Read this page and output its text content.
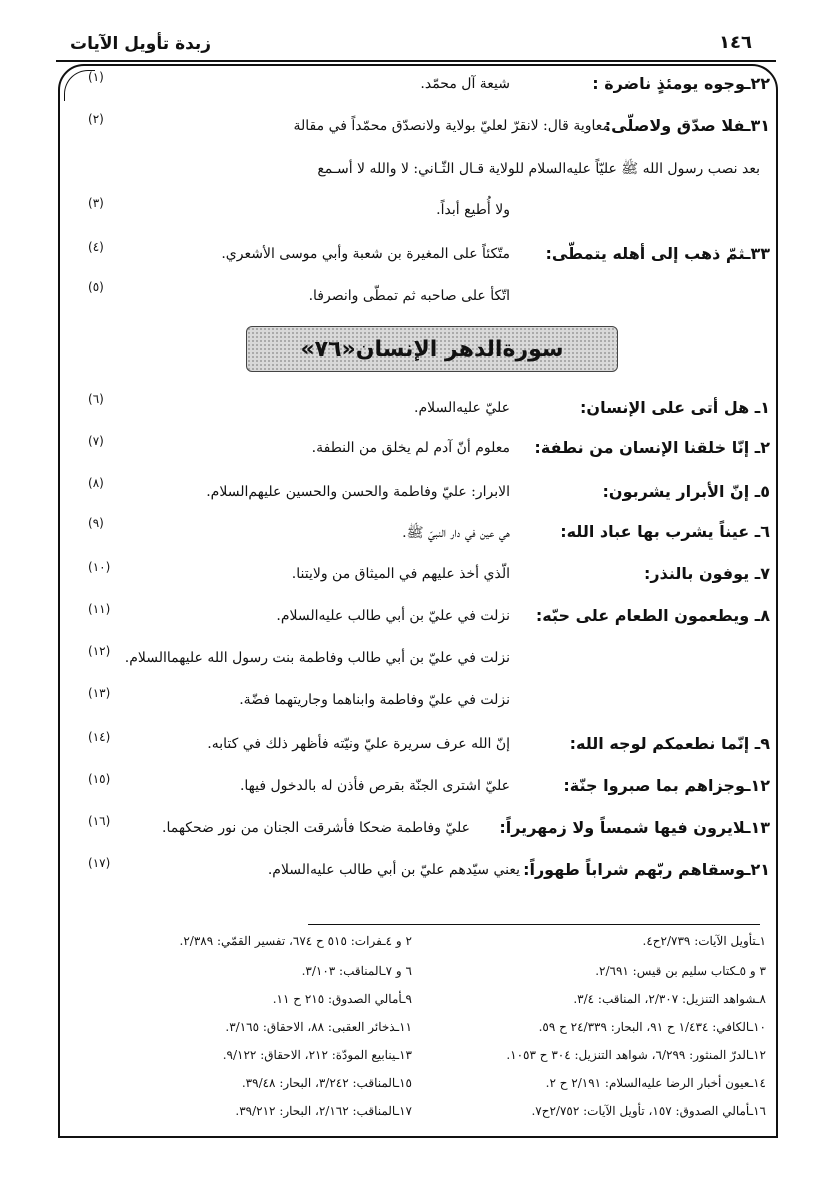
زبدة تأويل الآيات	١٤٦
٢٢ـوجوه يومئذٍ ناضرة :
شيعة آل محمّد.
(١)
٣١ـفلا صدّق ولاصلّى:
معاوية قال: لانقرّ لعليّ بولاية ولانصدّق محمّداً في مقالة
(٢)
بعد نصب رسول الله ﷺ عليّاً عليه‌السلام للولاية قـال الثّـاني: لا والله لا أسـمع
ولا أُطيع أبداً.
(٣)
٣٣ـثمّ ذهب إلى أهله يتمطّى:
متّكئاً على المغيرة بن شعبة وأبي موسى الأشعري.
(٤)
اتّكأ على صاحبه ثم تمطّى وانصرفا.
(٥)
سورةالدهر الإنسان«٧٦»
١ـ هل أتى على الإنسان:
عليّ عليه‌السلام.
(٦)
٢ـ إنّا خلقنا الإنسان من نطفة:
معلوم أنّ آدم لم يخلق من النطفة.
(٧)
٥ـ إنّ الأبرار يشربون:
الابرار: عليّ وفاطمة والحسن والحسين عليهم‌السلام.
(٨)
٦ـ عيناً يشرب بها عباد الله:
هي عين في دار النبيّ ﷺ.
(٩)
٧ـ يوفون بالنذر:
الّذي أخذ عليهم في الميثاق من ولايتنا.
(١٠)
٨ـ ويطعمون الطعام على حبّه:
نزلت في عليّ بن أبي طالب عليه‌السلام.
(١١)
نزلت في عليّ بن أبي طالب وفاطمة بنت رسول الله عليهما‌السلام.
(١٢)
نزلت في عليّ وفاطمة وابناهما وجاريتهما فضّة.
(١٣)
٩ـ إنّما نطعمكم لوجه الله:
إنّ الله عرف سريرة عليّ ونيّته فأظهر ذلك في كتابه.
(١٤)
١٢ـوجزاهم بما صبروا جنّة:
عليّ اشترى الجنّة بقرص فأذن له بالدخول فيها.
(١٥)
١٣ـلايرون فيها شمساً ولا زمهريراً:
عليّ وفاطمة ضحكا فأشرقت الجنان من نور ضحكهما.
(١٦)
٢١ـوسقاهم ربّهم شراباً طهوراً:
يعني سيّدهم عليّ بن أبي طالب عليه‌السلام.
(١٧)
١ـتأويل الآيات: ٢/٧٣٩ح٤.
٢ و ٤ـفرات: ٥١٥ ح ٦٧٤، تفسير القمّي: ٢/٣٨٩.
٣ و ٥ـكتاب سليم بن قيس: ٢/٦٩١.
٦ و ٧ـالمناقب: ٣/١٠٣.
٨ـشواهد التنزيل: ٢/٣٠٧، المناقب: ٣/٤.
٩ـأمالي الصدوق: ٢١٥ ح ١١.
١٠ـالكافي: ١/٤٣٤ ح ٩١، البحار: ٢٤/٣٣٩ ح ٥٩.
١١ـذخائر العقبى: ٨٨، الاحقاق: ٣/١٦٥.
١٢ـالدرّ المنثور: ٦/٢٩٩، شواهد التنزيل: ٣٠٤ ح ١٠٥٣.
١٣ـينابيع المودّة: ٢١٢، الاحقاق: ٩/١٢٢.
١٤ـعيون أخبار الرضا عليه‌السلام: ٢/١٩١ ح ٢.
١٥ـالمناقب: ٣/٢٤٢، البحار: ٣٩/٤٨.
١٦ـأمالي الصدوق: ١٥٧، تأويل الآيات: ٢/٧٥٢ح٧.
١٧ـالمناقب: ٢/١٦٢، البحار: ٣٩/٢١٢.
